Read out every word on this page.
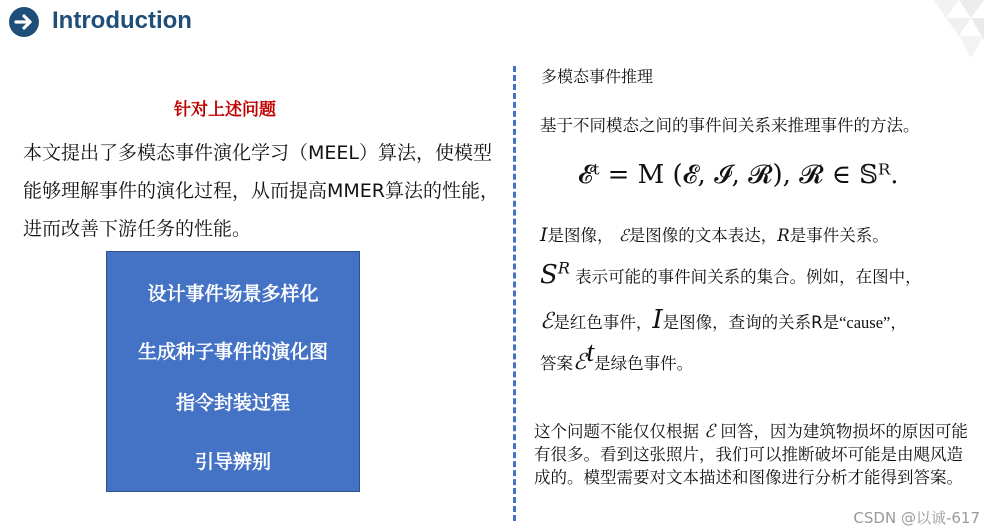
Introduction
针对上述问题
本文提出了多模态事件演化学习（MEEL）算法，使模型能够理解事件的演化过程，从而提高MMER算法的性能，进而改善下游任务的性能。
设计事件场景多样化
生成种子事件的演化图
指令封装过程
引导辨别
多模态事件推理
基于不同模态之间的事件间关系来推理事件的方法。
𝓔ᵗ = M (𝓔, 𝓘, 𝓡), 𝓡 ∈ 𝕊ᴿ.
I是图像， ℰ是图像的文本表达，R是事件关系。
$S^R$ 表示可能的事件间关系的集合。例如，在图中，
ℰ是红色事件，I是图像，查询的关系R是“cause”，
答案ℰt是绿色事件。
这个问题不能仅仅根据 ℰ 回答，因为建筑物损坏的原因可能有很多。看到这张照片，我们可以推断破坏可能是由飓风造成的。模型需要对文本描述和图像进行分析才能得到答案。
CSDN @以诚-617
